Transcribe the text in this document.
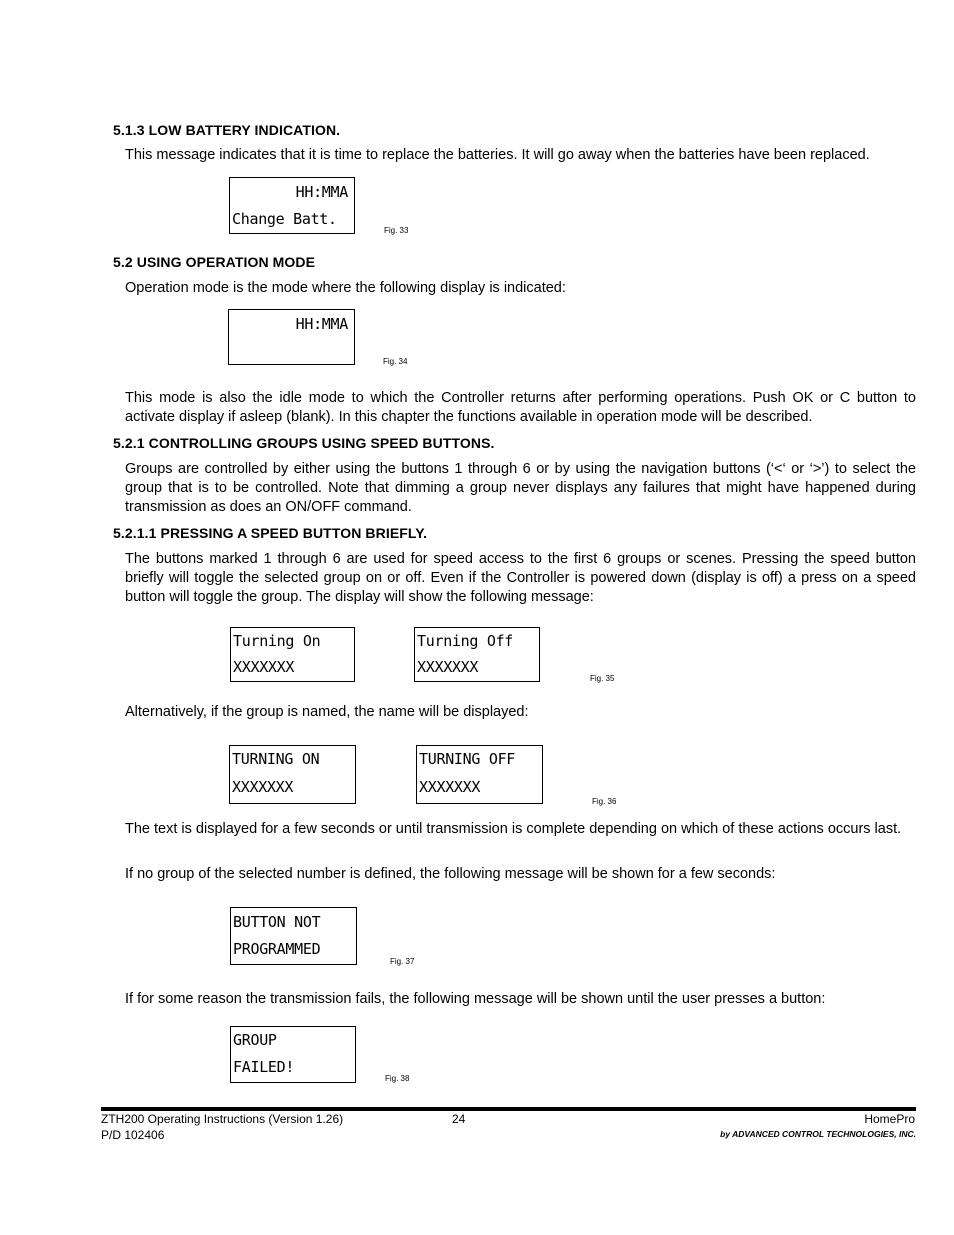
5.1.3 LOW BATTERY INDICATION.
This message indicates that it is time to replace the batteries. It will go away when the batteries have been replaced.
HH:MMA
Change Batt.
Fig. 33
5.2 USING OPERATION MODE
Operation mode is the mode where the following display is indicated:
HH:MMA
Fig. 34
This mode is also the idle mode to which the Controller returns after performing operations. Push OK or C button to activate display if asleep (blank). In this chapter the functions available in operation mode will be described.
5.2.1 CONTROLLING GROUPS USING SPEED BUTTONS.
Groups are controlled by either using the buttons 1 through 6 or by using the navigation buttons (‘<‘ or ‘>’) to select the group that is to be controlled. Note that dimming a group never displays any failures that might have happened during transmission as does an ON/OFF command.
5.2.1.1 PRESSING A SPEED BUTTON BRIEFLY.
The buttons marked 1 through 6 are used for speed access to the first 6 groups or scenes. Pressing the speed button briefly will toggle the selected group on or off. Even if the Controller is powered down (display is off) a press on a speed button will toggle the group. The display will show the following message:
Turning On
XXXXXXX
Turning Off
XXXXXXX
Fig. 35
Alternatively, if the group is named, the name will be displayed:
TURNING ON
XXXXXXX
TURNING OFF
XXXXXXX
Fig. 36
The text is displayed for a few seconds or until transmission is complete depending on which of these actions occurs last.
If no group of the selected number is defined, the following message will be shown for a few seconds:
BUTTON NOT
PROGRAMMED
Fig. 37
If for some reason the transmission fails, the following message will be shown until the user presses a button:
GROUP
FAILED!
Fig. 38
ZTH200 Operating Instructions (Version 1.26)
P/D 102406
24	HomePro
by ADVANCED CONTROL TECHNOLOGIES, INC.
